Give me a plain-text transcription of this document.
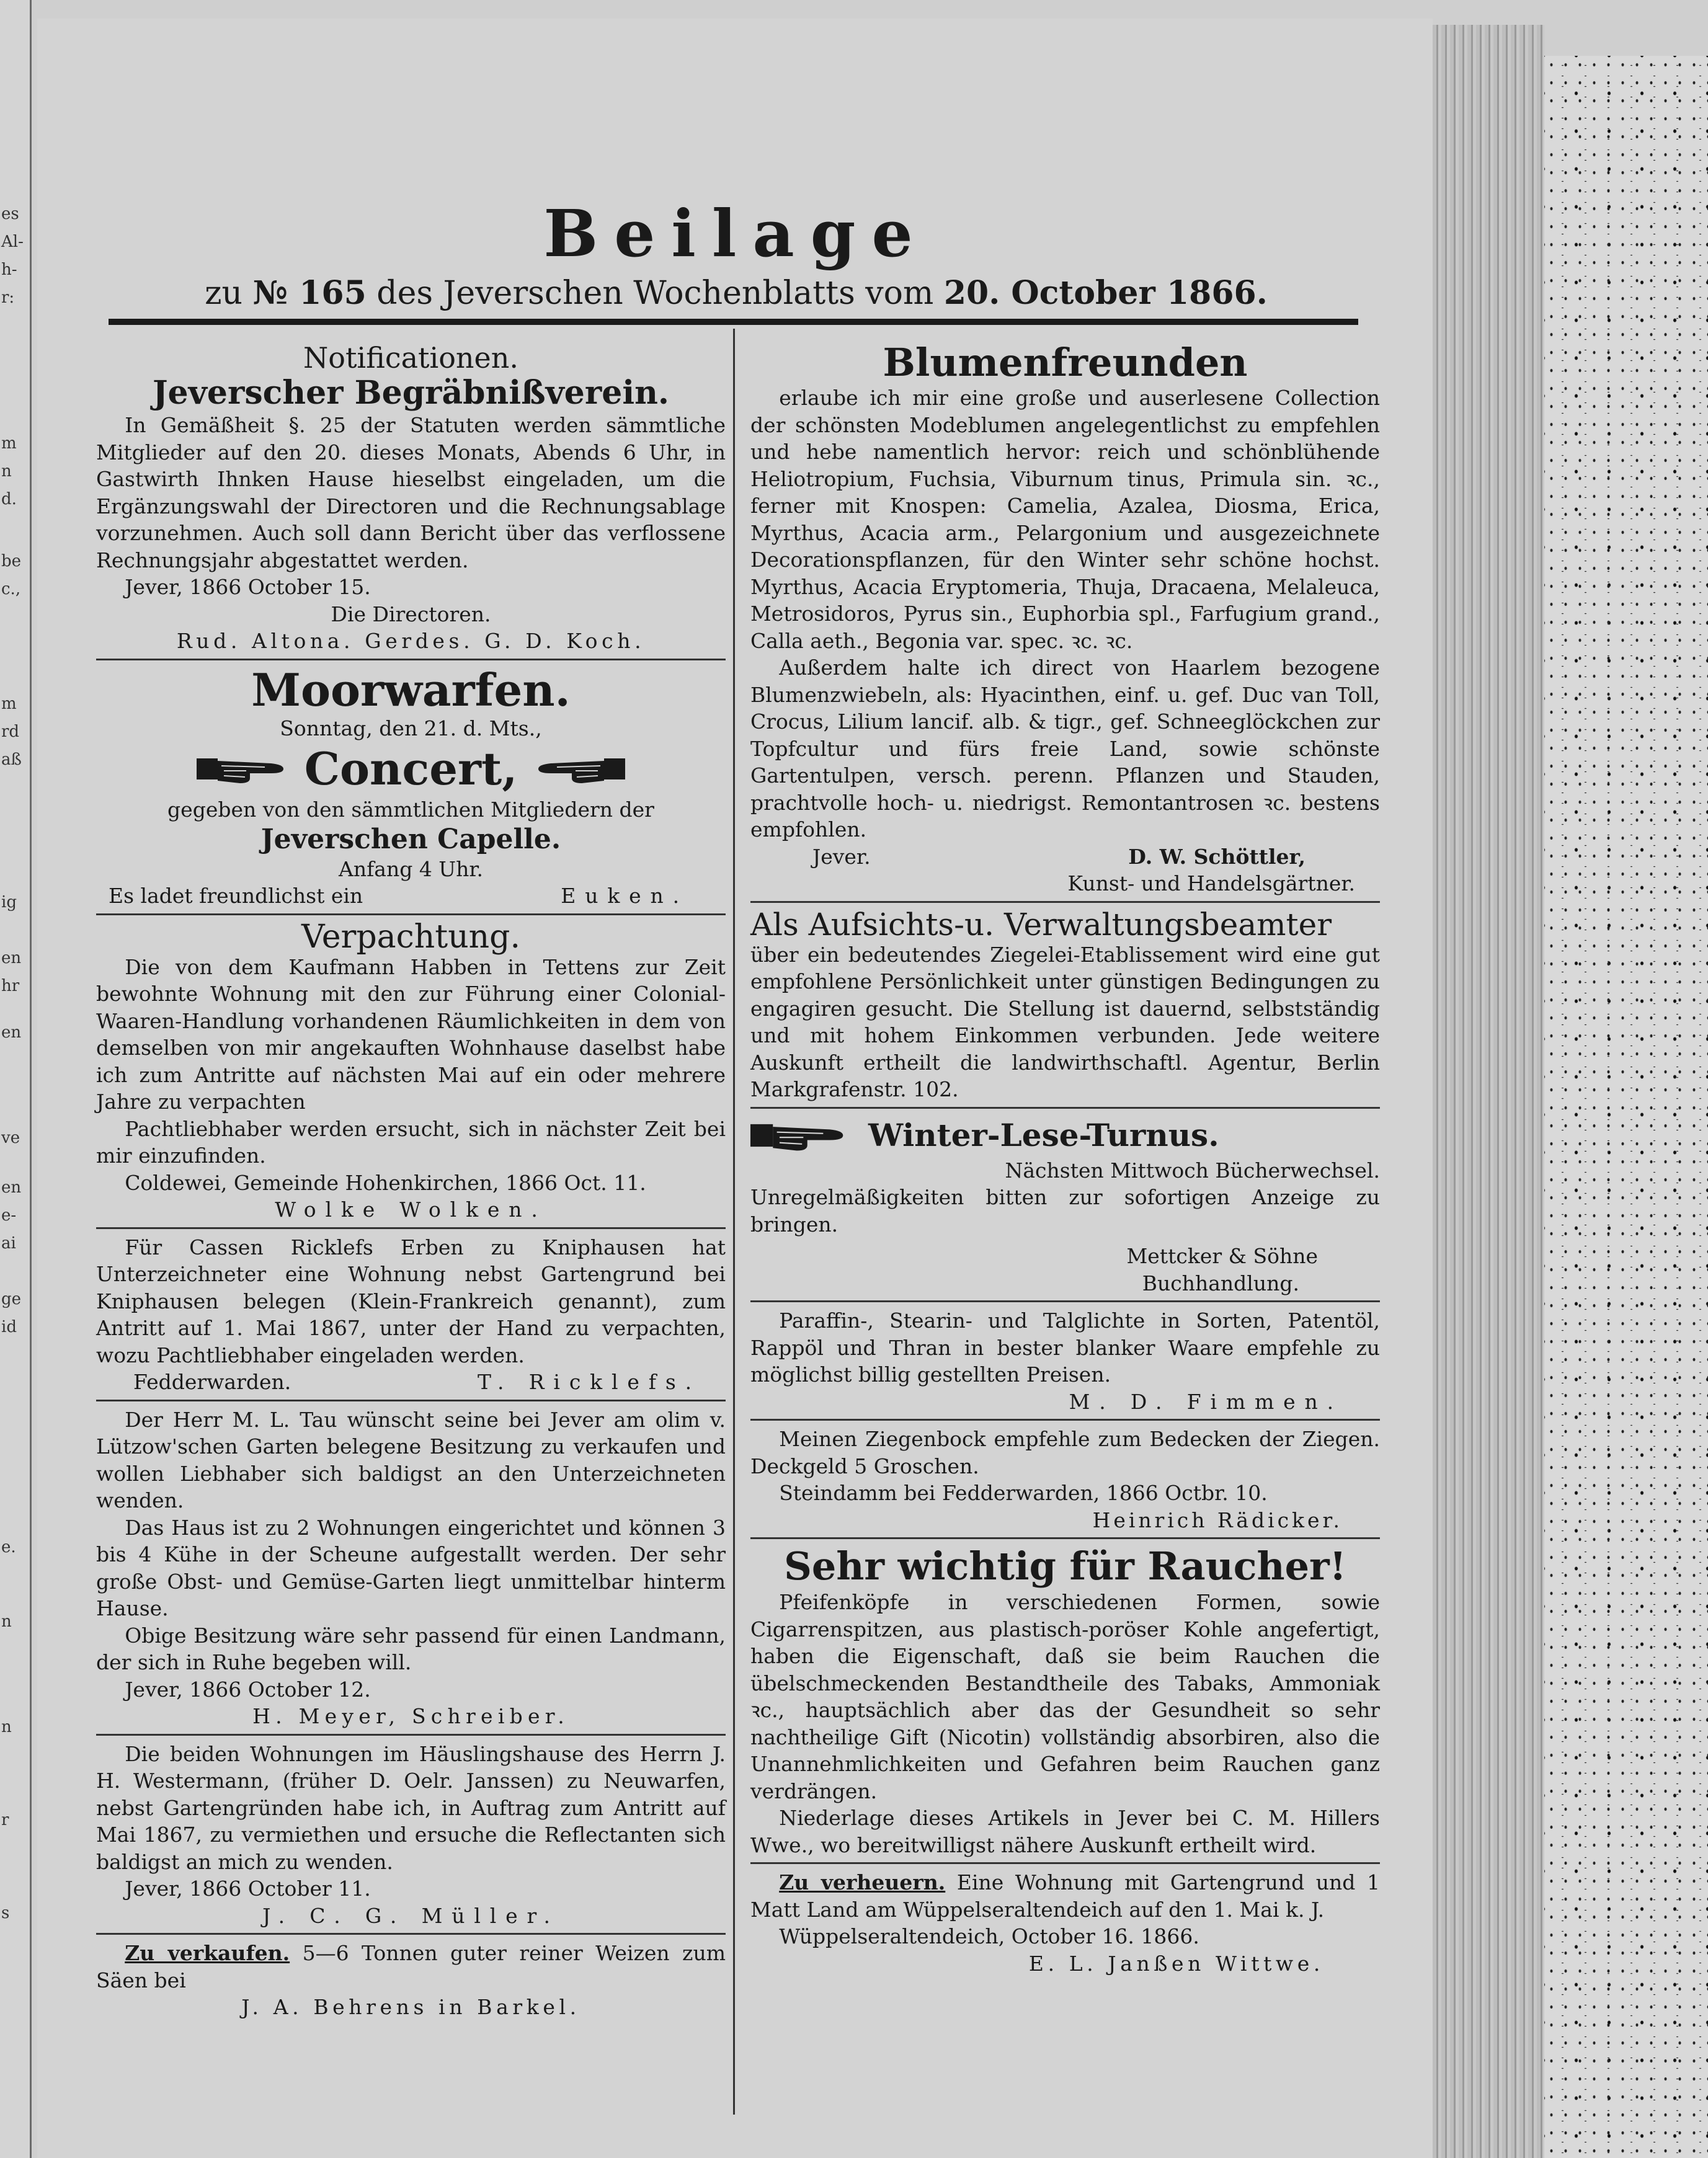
es
Al-
h-
r:
m
n
d.
be
c.,
m
rd
aß
ig
en
hr
en
ve
en
e-
ai
ge
id
e.
n
n
r
s
Beilage
zu № 165 des Jeverschen Wochenblatts vom 20. October 1866.
Notificationen.
Jeverscher Begräbnißverein.

In Gemäßheit §. 25 der Statuten werden sämmtliche Mitglieder auf den 20. dieses Monats, Abends 6 Uhr, in Gastwirth Ihnken Hause hieselbst eingeladen, um die Ergänzungswahl der Directoren und die Rechnungsablage vorzunehmen. Auch soll dann Bericht über das verflossene Rechnungsjahr abgestattet werden.

Jever, 1866 October 15.

Die Directoren.

Rud. Altona. Gerdes. G. D. Koch.

Moorwarfen.

Sonntag, den 21. d. Mts.,

Concert,

gegeben von den sämmtlichen Mitgliedern der

Jeverschen Capelle.

Anfang 4 Uhr.

Es ladet freundlichst ein	Euken.

Verpachtung.

Die von dem Kaufmann Habben in Tettens zur Zeit bewohnte Wohnung mit den zur Führung einer Colonial-Waaren-Handlung vorhandenen Räumlichkeiten in dem von demselben von mir angekauften Wohnhause daselbst habe ich zum Antritte auf nächsten Mai auf ein oder mehrere Jahre zu verpachten

Pachtliebhaber werden ersucht, sich in nächster Zeit bei mir einzufinden.

Coldewei, Gemeinde Hohenkirchen, 1866 Oct. 11.

Wolke Wolken.

Für Cassen Ricklefs Erben zu Kniphausen hat Unterzeichneter eine Wohnung nebst Gartengrund bei Kniphausen belegen (Klein-Frankreich genannt), zum Antritt auf 1. Mai 1867, unter der Hand zu verpachten, wozu Pachtliebhaber eingeladen werden.

Fedderwarden.	T. Ricklefs.

Der Herr M. L. Tau wünscht seine bei Jever am olim v. Lützow'schen Garten belegene Besitzung zu verkaufen und wollen Liebhaber sich baldigst an den Unterzeichneten wenden.

Das Haus ist zu 2 Wohnungen eingerichtet und können 3 bis 4 Kühe in der Scheune aufgestallt werden. Der sehr große Obst- und Gemüse-Garten liegt unmittelbar hinterm Hause.

Obige Besitzung wäre sehr passend für einen Landmann, der sich in Ruhe begeben will.

Jever, 1866 October 12.

H. Meyer, Schreiber.

Die beiden Wohnungen im Häuslingshause des Herrn J. H. Westermann, (früher D. Oelr. Janssen) zu Neuwarfen, nebst Gartengründen habe ich, in Auftrag zum Antritt auf Mai 1867, zu vermiethen und ersuche die Reflectanten sich baldigst an mich zu wenden.

Jever, 1866 October 11.

J. C. G. Müller.

Zu verkaufen. 5—6 Tonnen guter reiner Weizen zum Säen bei

J. A. Behrens in Barkel.

Blumenfreunden

erlaube ich mir eine große und auserlesene Collection der schönsten Modeblumen angelegentlichst zu empfehlen und hebe namentlich hervor: reich und schönblühende Heliotropium, Fuchsia, Viburnum tinus, Primula sin. ꝛc., ferner mit Knospen: Camelia, Azalea, Diosma, Erica, Myrthus, Acacia arm., Pelargonium und ausgezeichnete Decorationspflanzen, für den Winter sehr schöne hochst. Myrthus, Acacia Eryptomeria, Thuja, Dracaena, Melaleuca, Metrosidoros, Pyrus sin., Euphorbia spl., Farfugium grand., Calla aeth., Begonia var. spec. ꝛc. ꝛc.

Außerdem halte ich direct von Haarlem bezogene Blumenzwiebeln, als: Hyacinthen, einf. u. gef. Duc van Toll, Crocus, Lilium lancif. alb. & tigr., gef. Schneeglöckchen zur Topfcultur und fürs freie Land, sowie schönste Gartentulpen, versch. perenn. Pflanzen und Stauden, prachtvolle hoch- u. niedrigst. Remontantrosen ꝛc. bestens empfohlen.

Jever.	D. W. Schöttler,

Kunst- und Handelsgärtner.

Als Aufsichts-u. Verwaltungsbeamter

über ein bedeutendes Ziegelei-Etablissement wird eine gut empfohlene Persönlichkeit unter günstigen Bedingungen zu engagiren gesucht. Die Stellung ist dauernd, selbstständig und mit hohem Einkommen verbunden. Jede weitere Auskunft ertheilt die landwirthschaftl. Agentur, Berlin Markgrafenstr. 102.

Winter-Lese-Turnus.

Nächsten Mittwoch Bücherwechsel.

Unregelmäßigkeiten bitten zur sofortigen Anzeige zu bringen.

Mettcker & Söhne

Buchhandlung.

Paraffin-, Stearin- und Talglichte in Sorten, Patentöl, Rappöl und Thran in bester blanker Waare empfehle zu möglichst billig gestellten Preisen.

M. D. Fimmen.

Meinen Ziegenbock empfehle zum Bedecken der Ziegen. Deckgeld 5 Groschen.

Steindamm bei Fedderwarden, 1866 Octbr. 10.

Heinrich Rädicker.

Sehr wichtig für Raucher!

Pfeifenköpfe in verschiedenen Formen, sowie Cigarrenspitzen, aus plastisch-poröser Kohle angefertigt, haben die Eigenschaft, daß sie beim Rauchen die übelschmeckenden Bestandtheile des Tabaks, Ammoniak ꝛc., hauptsächlich aber das der Gesundheit so sehr nachtheilige Gift (Nicotin) vollständig absorbiren, also die Unannehmlichkeiten und Gefahren beim Rauchen ganz verdrängen.

Niederlage dieses Artikels in Jever bei C. M. Hillers Wwe., wo bereitwilligst nähere Auskunft ertheilt wird.

Zu verheuern. Eine Wohnung mit Gartengrund und 1 Matt Land am Wüppelseraltendeich auf den 1. Mai k. J.

Wüppelseraltendeich, October 16. 1866.

E. L. Janßen Wittwe.
